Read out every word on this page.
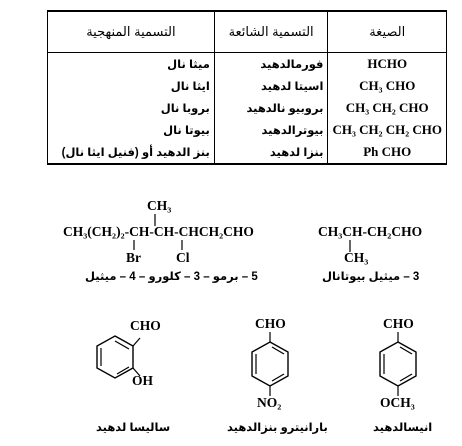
التسمية المنهجية	التسمية الشائعة	الصيغة
ميثا نال	فورمالدهيد	HCHO
ايثا نال	اسيتا لدهيد	CH₃ CHO
بروبا نال	بروبيو نالدهيد	CH₃ CH₂ CHO
بيوتا نال	بيوترالدهيد	CH₃ CH₂ CH₂ CHO
بنز الدهيد أو (فنيل ايثا نال)	بنزا لدهيد	Ph CHO
CH₃
CH₃(CH₂)₂-CH-CH-CHCH₂CHO
Br	Cl
5 – برمو – 3 – كلورو – 4 – ميثيل
CH₃CH-CH₂CHO
CH₃
3 – ميثيل بيوتانال
CHO
OH
ساليسا لدهيد
CHO
NO₂
بارانيترو بنزالدهيد
CHO
OCH₃
انيسالدهيد
